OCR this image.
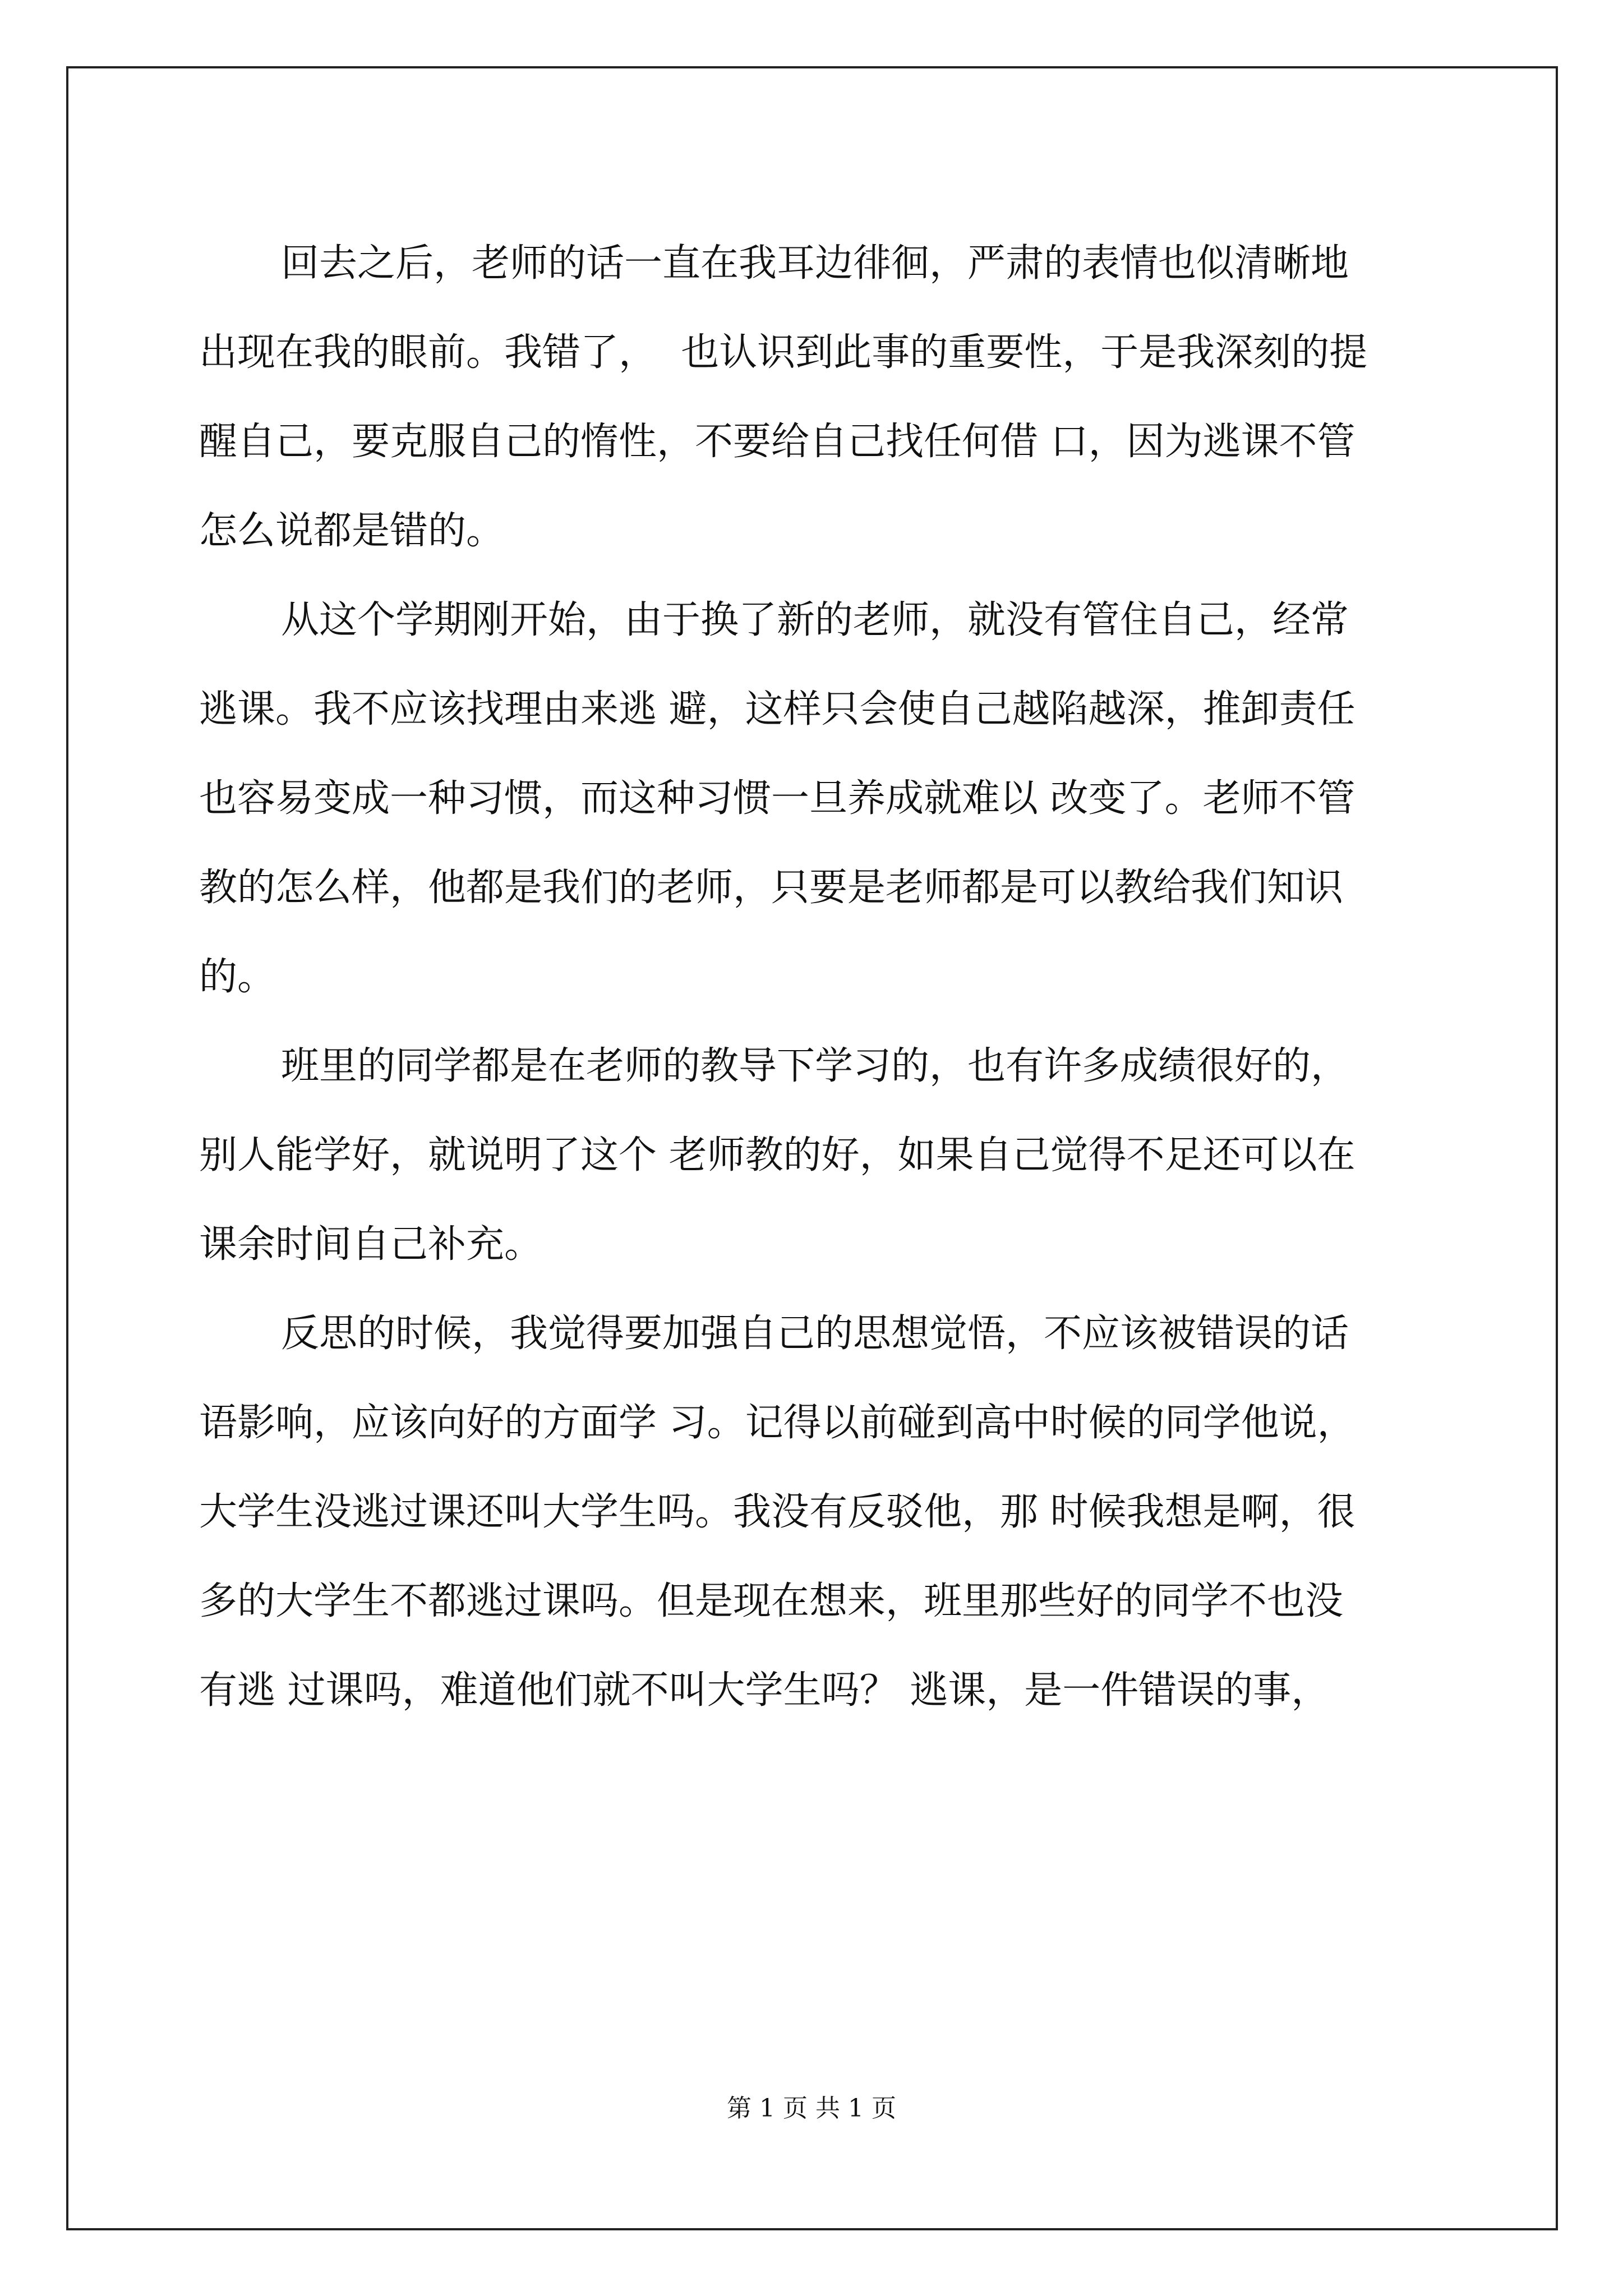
回去之后，老师的话一直在我耳边徘徊，严肃的表情也似清晰地
出现在我的眼前。我错了，  也认识到此事的重要性，于是我深刻的提
醒自己，要克服自己的惰性，不要给自己找任何借 口，因为逃课不管
怎么说都是错的。

从这个学期刚开始，由于换了新的老师，就没有管住自己，经常
逃课。我不应该找理由来逃 避，这样只会使自己越陷越深，推卸责任
也容易变成一种习惯，而这种习惯一旦养成就难以 改变了。老师不管
教的怎么样，他都是我们的老师，只要是老师都是可以教给我们知识
的。

班里的同学都是在老师的教导下学习的，也有许多成绩很好的，
别人能学好，就说明了这个 老师教的好，如果自己觉得不足还可以在
课余时间自己补充。

反思的时候，我觉得要加强自己的思想觉悟，不应该被错误的话
语影响，应该向好的方面学 习。记得以前碰到高中时候的同学他说，
大学生没逃过课还叫大学生吗。我没有反驳他，那 时候我想是啊，很
多的大学生不都逃过课吗。但是现在想来，班里那些好的同学不也没
有逃 过课吗，难道他们就不叫大学生吗？ 逃课，是一件错误的事，

第 1 页 共 1 页
